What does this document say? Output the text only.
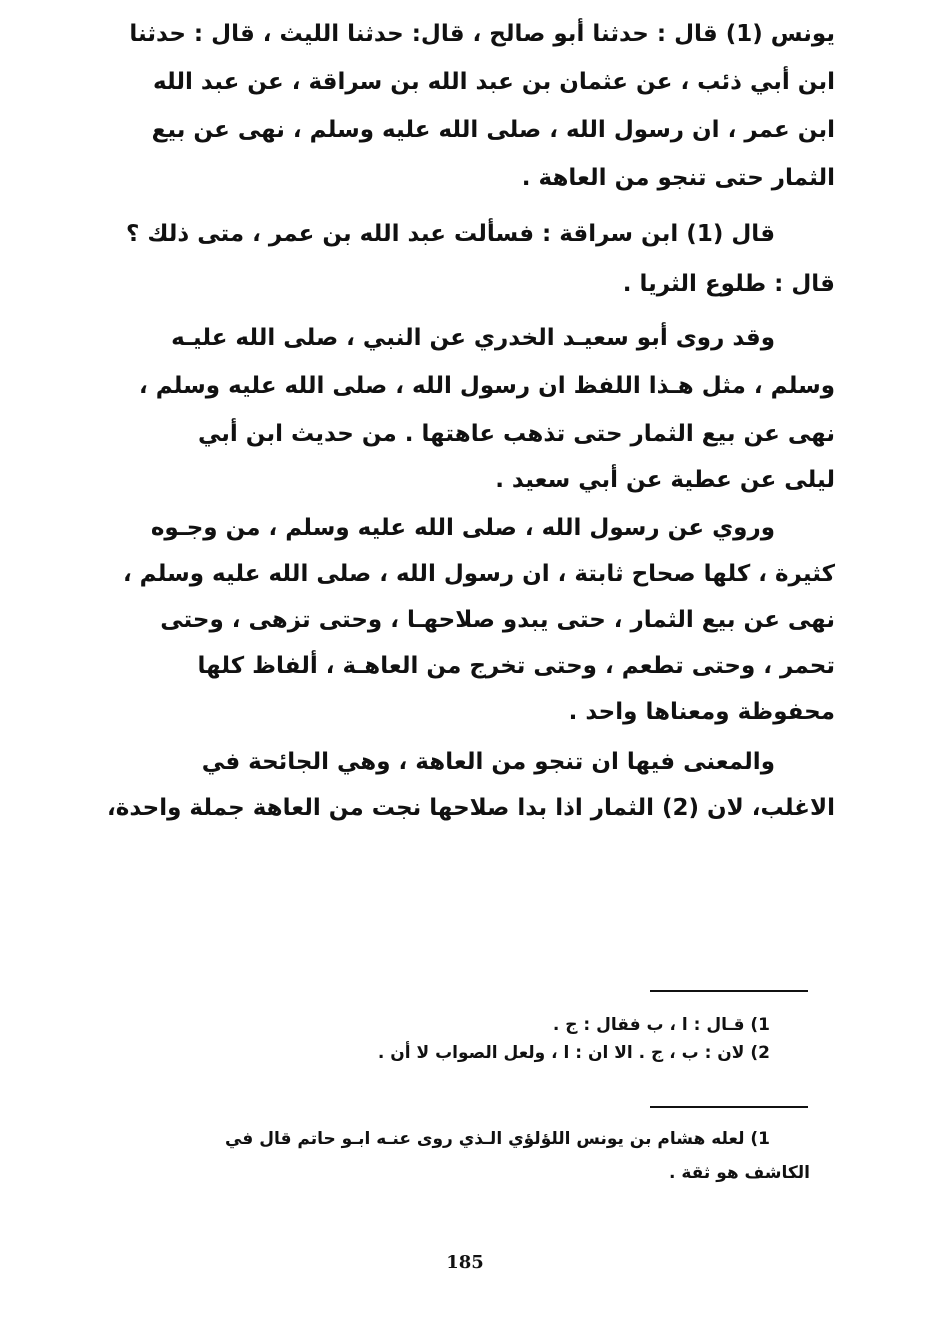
يونس (1) قال : حدثنا أبو صالح ، قال: حدثنا الليث ، قال : حدثنا
ابن أبي ذئب ، عن عثمان بن عبد الله بن سراقة ، عن عبد الله
ابن عمر ، ان رسول الله ، صلى الله عليه وسلم ، نهى عن بيع
الثمار حتى تنجو من العاهة .
قال (1) ابن سراقة : فسألت عبد الله بن عمر ، متى ذلك ؟
قال : طلوع الثريا .
وقد روى أبو سعيـد الخدري عن النبي ، صلى الله عليـه
وسلم ، مثل هـذا اللفظ ان رسول الله ، صلى الله عليه وسلم ،
نهى عن بيع الثمار حتى تذهب عاهتها . من حديث ابن أبي
ليلى عن عطية عن أبي سعيد .
وروي عن رسول الله ، صلى الله عليه وسلم ، من وجـوه
كثيرة ، كلها صحاح ثابتة ، ان رسول الله ، صلى الله عليه وسلم ،
نهى عن بيع الثمار ، حتى يبدو صلاحهـا ، وحتى تزهى ، وحتى
تحمر ، وحتى تطعم ، وحتى تخرج من العاهـة ، ألفاظ كلها
محفوظة ومعناها واحد .
والمعنى فيها ان تنجو من العاهة ، وهي الجائحة في
الاغلب، لان (2) الثمار اذا بدا صلاحها نجت من العاهة جملة واحدة،
1) قـال : ا ، ب فقال : ج .
2) لان : ب ، ج . الا ان : ا ، ولعل الصواب لا أن .
1) لعله هشام بن يونس اللؤلؤي الـذي روى عنـه ابـو حاتم قال في
الكاشف هو ثقة .
185
